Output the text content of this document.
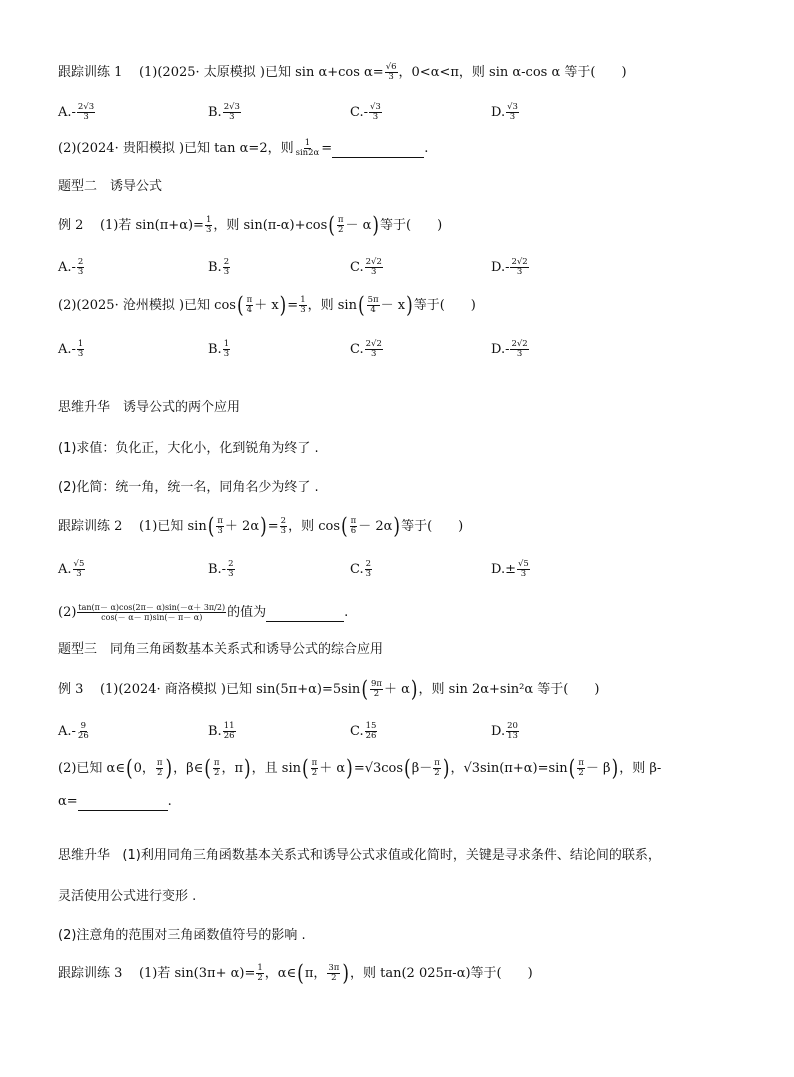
跟踪训练 1 (1)(2025· 太原模拟 )已知 sin α+cos $\alpha= \frac{√6}{3}$ ，0<α<π，则 sin α-cos α 等于(　　)
$A.- \frac{2√3}{3}$	B. $\frac{2√3}{3}$	$C.- \frac{√3}{3}$	D. $\frac{√3}{3}$
(2)(2024· 贵阳模拟 )已知 tan α=2，则 $\frac{1}{\sin 2\alpha}$ =	.
题型二　诱导公式
例 2 (1)若 $\sin(\pi+\alpha)= \frac{1}{3}$ ，则 $\sin(\pi-\alpha)+\cos( \frac{\pi}{2} - \alpha)$等于(　　)
$A.- \frac{2}{3}$	B. $\frac{2}{3}$	C. $\frac{2√2}{3}$	$D.- \frac{2√2}{3}$
(2)(2025· 沧州模拟 )已知 $\cos( \frac{\pi}{4} + x)= \frac{1}{3}$ ，则 $\sin( \frac{5\pi}{4} - x)$等于(　　)
$A.- \frac{1}{3}$	B. $\frac{1}{3}$	C. $\frac{2√2}{3}$	$D.- \frac{2√2}{3}$
思维升华　诱导公式的两个应用
(1)求值：负化正，大化小，化到锐角为终了 .
(2)化简：统一角，统一名，同角名少为终了 .
跟踪训练 2 (1)已知 $\sin( \frac{\pi}{3} + 2\alpha)= \frac{2}{3}$ ，则 $\cos( \frac{\pi}{6} - 2\alpha)$等于(　　)
A. $\frac{√5}{3}$	$B.- \frac{2}{3}$	C. $\frac{2}{3}$	$D.\pm \frac{√5}{3}$
$(2) \frac{\tan(\pi- \alpha)\cos(2\pi- \alpha)\sin(-\alpha+ 3\pi/2)}{\cos(- \alpha- \pi)\sin(- \pi- \alpha)}$ 的值为	.
题型三　同角三角函数基本关系式和诱导公式的综合应用
例 3 (1)(2024· 商洛模拟 )已知 $\sin(5\pi+\alpha)=5\sin( \frac{9\pi}{2} + \alpha)$，则 sin 2α+sin²α 等于(　　)
$A.- \frac{9}{26}$	B. $\frac{11}{26}$	C. $\frac{15}{26}$	D. $\frac{20}{13}$
(2)已知 α∈(0， $\frac{\pi}{2}$ )，β∈( $\frac{\pi}{2}$ ，π)，且 $\sin( \frac{\pi}{2} + \alpha)=√3\cos(\beta- \frac{\pi}{2}$ )，$√3\sin(\pi+\alpha)=\sin( \frac{\pi}{2} - \beta)$，则 β-
α=	.
思维升华 (1)利用同角三角函数基本关系式和诱导公式求值或化简时，关键是寻求条件、结论间的联系，
灵活使用公式进行变形 .
(2)注意角的范围对三角函数值符号的影响 .
跟踪训练 3 (1)若 $\sin(3\pi+ \alpha)= \frac{1}{2}$ ，α∈(π， $\frac{3\pi}{2}$ )，则 tan(2 025π-α)等于(　　)
